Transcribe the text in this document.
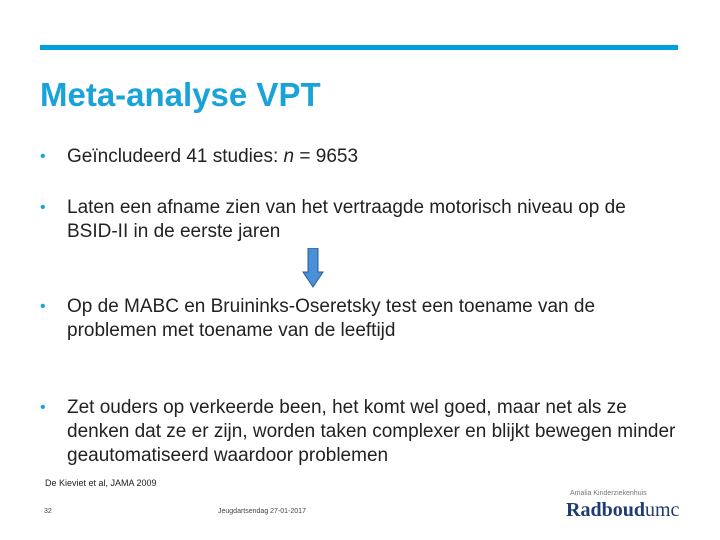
Meta-analyse VPT
• Geïncludeerd 41 studies: n = 9653
• Laten een afname zien van het vertraagde motorisch niveau op de BSID-II in de eerste jaren
• Op de MABC en Bruininks-Oseretsky test een toename van de problemen met toename van de leeftijd
• Zet ouders op verkeerde been, het komt wel goed, maar net als ze denken dat ze er zijn, worden taken complexer en blijkt bewegen minder geautomatiseerd waardoor problemen
De Kieviet et al, JAMA 2009
32	Jeugdartsendag 27-01-2017
Amalia Kinderziekenhuis
Radboudumc
